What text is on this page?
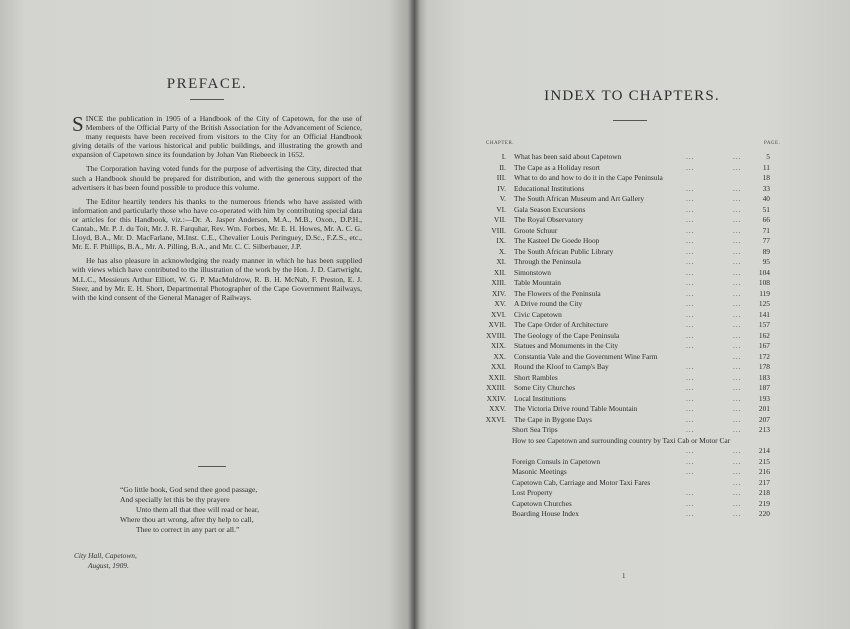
PREFACE.

SINCE the publication in 1905 of a Handbook of the City of Capetown, for the use of Members of the Official Party of the British Association for the Advancement of Science, many requests have been received from visitors to the City for an Official Handbook giving details of the various historical and public buildings, and illustrating the growth and expansion of Capetown since its foundation by Johan Van Riebeeck in 1652.

The Corporation having voted funds for the purpose of advertising the City, directed that such a Handbook should be prepared for distribution, and with the generous support of the advertisers it has been found possible to produce this volume.

The Editor heartily tenders his thanks to the numerous friends who have assisted with information and particularly those who have co-operated with him by contributing special data or articles for this Handbook, viz.:—Dr. A. Jasper Anderson, M.A., M.B., Oxon., D.P.H., Cantab., Mr. P. J. du Toit, Mr. J. R. Farquhar, Rev. Wm. Forbes, Mr. E. H. Howes, Mr. A. C. G. Lloyd, B.A., Mr. D. MacFarlane, M.Inst. C.E., Chevalier Louis Peringuey, D.Sc., F.Z.S., etc., Mr. E. F. Phillips, B.A., Mr. A. Pilling, B.A., and Mr. C. C. Silberbauer, J.P.

He has also pleasure in acknowledging the ready manner in which he has been supplied with views which have contributed to the illustration of the work by the Hon. J. D. Cartwright, M.L.C., Messieurs Arthur Elliott, W. G. P. MacMuldrow, R. B. H. McNab, F. Preston, E. J. Steer, and by Mr. E. H. Short, Departmental Photographer of the Cape Government Railways, with the kind consent of the General Manager of Railways.

“Go little book, God send thee good passage,
And specially let this be thy prayere
Unto them all that thee will read or hear,
Where thou art wrong, after thy help to call,
Thee to correct in any part or all.”
City Hall, Capetown,
August, 1909.
INDEX TO CHAPTERS.
CHAPTER.	PAGE.
I. What has been said about Capetown	...	...	5
II. The Cape as a Holiday resort	...	...	11
III. What to do and how to do it in the Cape Peninsula	18
IV. Educational Institutions	...	...	33
V. The South African Museum and Art Gallery	...	...	40
VI. Gala Season Excursions	...	...	51
VII. The Royal Observatory	...	...	66
VIII. Groote Schuur	...	...	71
IX. The Kasteel De Goede Hoop	...	...	77
X. The South African Public Library	...	...	89
XI. Through the Peninsula	...	...	95
XII. Simonstown	...	... 104
XIII. Table Mountain	...	... 108
XIV. The Flowers of the Peninsula	...	... 119
XV. A Drive round the City	...	... 125
XVI. Civic Capetown	...	... 141
XVII. The Cape Order of Architecture	...	... 157
XVIII. The Geology of the Cape Peninsula	...	... 162
XIX. Statues and Monuments in the City	...	... 167
XX. Constantia Vale and the Government Wine Farm	... 172
XXI. Round the Kloof to Camp's Bay	...	... 178
XXII. Short Rambles	...	... 183
XXIII. Some City Churches	...	... 187
XXIV. Local Institutions	...	... 193
XXV. The Victoria Drive round Table Mountain	...	... 201
XXVI. The Cape in Bygone Days	...	... 207
Short Sea Trips	...	... 213
How to see Capetown and surrounding country by Taxi Cab or Motor Car
...	... 214
Foreign Consuls in Capetown	...	... 215
Masonic Meetings	...	... 216
Capetown Cab, Carriage and Motor Taxi Fares	... 217
Lost Property	...	... 218
Capetown Churches	...	... 219
Boarding House Index	...	... 220
1
